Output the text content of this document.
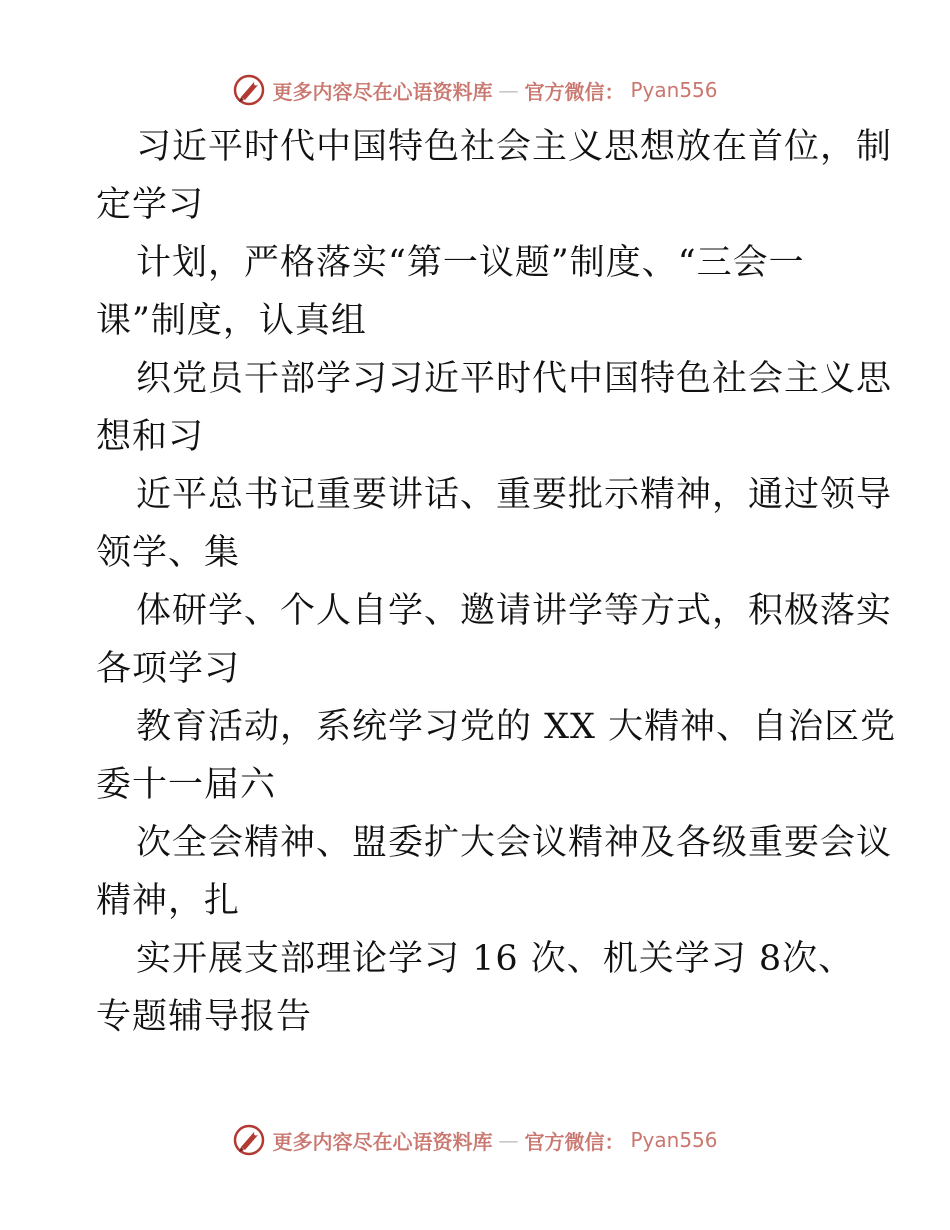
更多内容尽在心语资料库 — 官方微信： Pyan556
习近平时代中国特色社会主义思想放在首位，制
定学习
计划，严格落实“第一议题”制度、“三会一
课”制度，认真组
织党员干部学习习近平时代中国特色社会主义思
想和习
近平总书记重要讲话、重要批示精神，通过领导
领学、集
体研学、个人自学、邀请讲学等方式，积极落实
各项学习
教育活动，系统学习党的 XX 大精神、自治区党
委十一届六
次全会精神、盟委扩大会议精神及各级重要会议
精神，扎
实开展支部理论学习 16 次、机关学习 8次、
专题辅导报告
更多内容尽在心语资料库 — 官方微信： Pyan556
